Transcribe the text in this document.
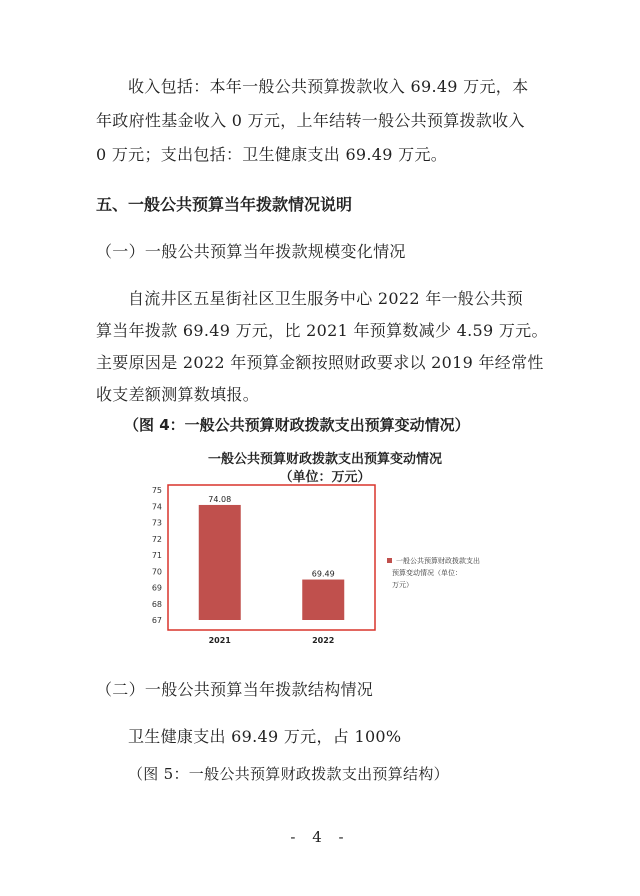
收入包括：本年一般公共预算拨款收入 69.49 万元，本
年政府性基金收入 0 万元，上年结转一般公共预算拨款收入
0 万元；支出包括：卫生健康支出 69.49 万元。
五、一般公共预算当年拨款情况说明
（一）一般公共预算当年拨款规模变化情况
自流井区五星街社区卫生服务中心 2022 年一般公共预
算当年拨款 69.49 万元，比 2021 年预算数减少 4.59 万元。
主要原因是 2022 年预算金额按照财政要求以 2019 年经常性
收支差额测算数填报。
（图 4：一般公共预算财政拨款支出预算变动情况）
一般公共预算财政拨款支出预算变动情况
（单位：万元）
67
68
69
70
71
72
73
74
75
74.08
2021
69.49
2022
一般公共预算财政拨款支出
预算变动情况（单位：
万元）
（二）一般公共预算当年拨款结构情况
卫生健康支出 69.49 万元，占 100%
（图 5：一般公共预算财政拨款支出预算结构）
- 4 -
